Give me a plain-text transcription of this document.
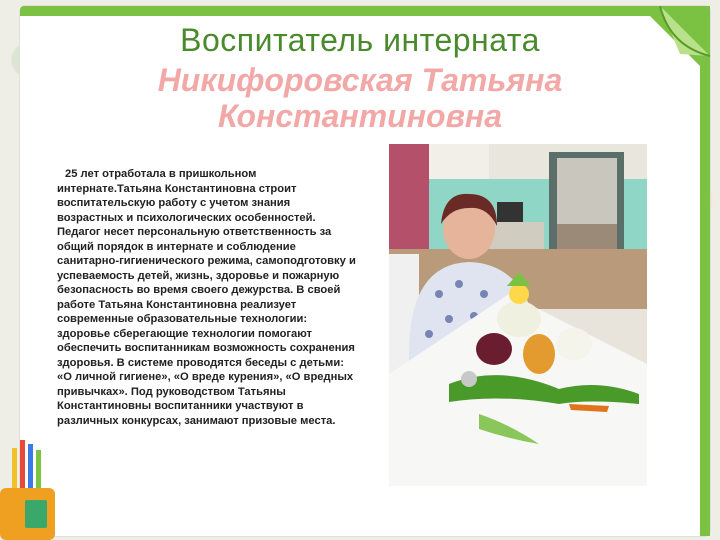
Воспитатель интерната
Никифоровская Татьяна
Константиновна
25 лет отработала в пришкольном интернате.Татьяна Константиновна строит воспитательскую работу с учетом знания возрастных и психологических особенностей. Педагог несет персональную ответственность за общий порядок в интернате и соблюдение санитарно-гигиенического режима, самоподготовку и успеваемость детей, жизнь, здоровье и пожарную безопасность во время своего дежурства. В своей работе Татьяна Константиновна реализует современные образовательные технологии: здоровье сберегающие технологии помогают обеспечить воспитанникам возможность сохранения здоровья. В системе проводятся беседы с детьми: «О личной гигиене», «О вреде курения», «О вредных привычках». Под руководством Татьяны Константиновны воспитанники участвуют в различных конкурсах, занимают призовые места.
